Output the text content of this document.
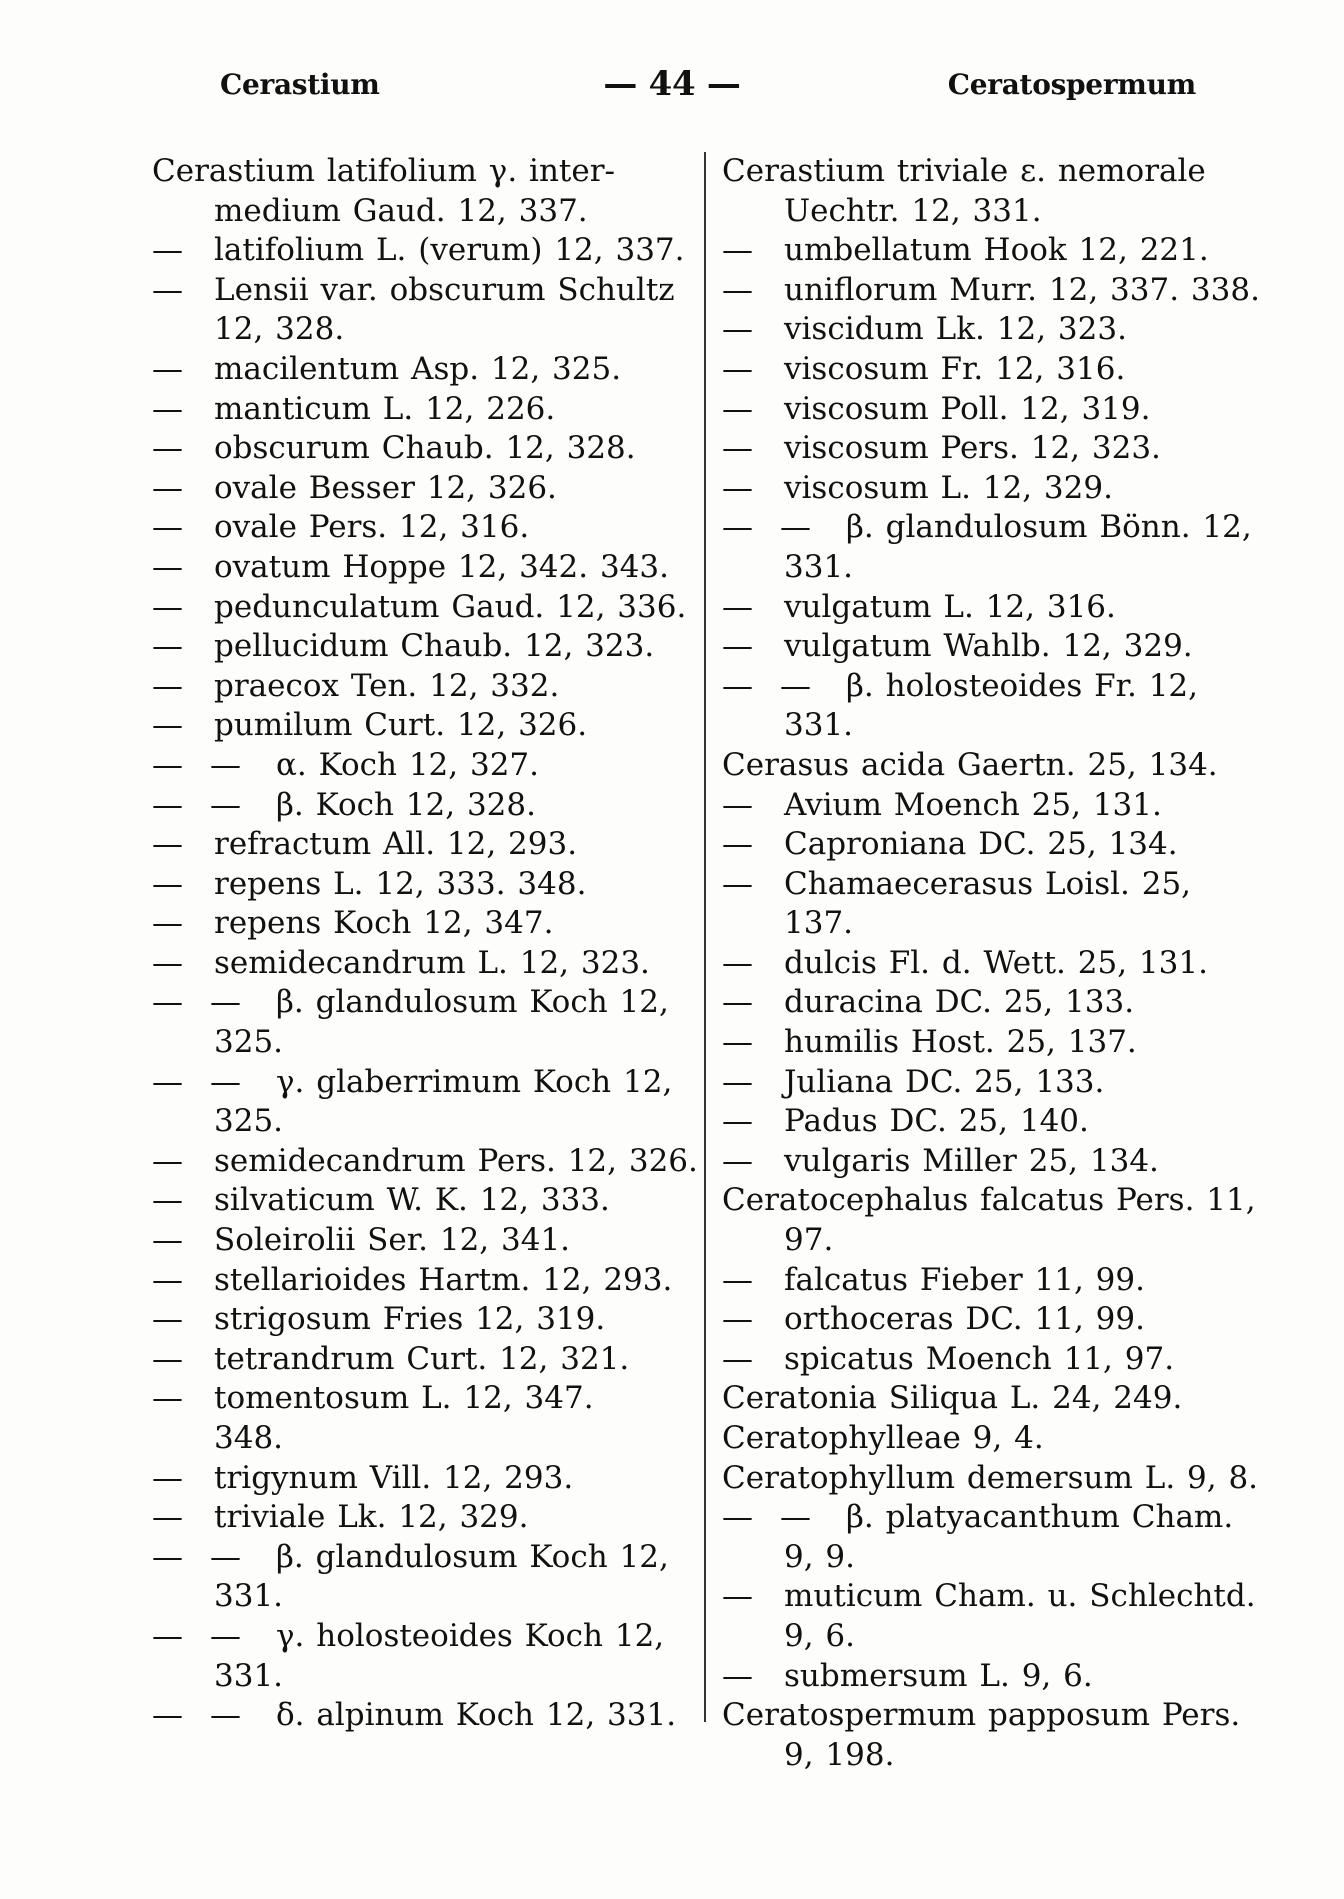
Cerastium	— 44 —	Ceratospermum
Cerastium latifolium γ. inter-
medium Gaud. 12, 337.
— latifolium L. (verum) 12, 337.
— Lensii var. obscurum Schultz
12, 328.
— macilentum Asp. 12, 325.
— manticum L. 12, 226.
— obscurum Chaub. 12, 328.
— ovale Besser 12, 326.
— ovale Pers. 12, 316.
— ovatum Hoppe 12, 342. 343.
— pedunculatum Gaud. 12, 336.
— pellucidum Chaub. 12, 323.
— praecox Ten. 12, 332.
— pumilum Curt. 12, 326.
— — α. Koch 12, 327.
— — β. Koch 12, 328.
— refractum All. 12, 293.
— repens L. 12, 333. 348.
— repens Koch 12, 347.
— semidecandrum L. 12, 323.
— — β. glandulosum Koch 12,
325.
— — γ. glaberrimum Koch 12,
325.
— semidecandrum Pers. 12, 326.
— silvaticum W. K. 12, 333.
— Soleirolii Ser. 12, 341.
— stellarioides Hartm. 12, 293.
— strigosum Fries 12, 319.
— tetrandrum Curt. 12, 321.
— tomentosum L. 12, 347.
348.
— trigynum Vill. 12, 293.
— triviale Lk. 12, 329.
— — β. glandulosum Koch 12,
331.
— — γ. holosteoides Koch 12,
331.
— — δ. alpinum Koch 12, 331.
Cerastium triviale ε. nemorale
Uechtr. 12, 331.
— umbellatum Hook 12, 221.
— uniflorum Murr. 12, 337. 338.
— viscidum Lk. 12, 323.
— viscosum Fr. 12, 316.
— viscosum Poll. 12, 319.
— viscosum Pers. 12, 323.
— viscosum L. 12, 329.
— — β. glandulosum Bönn. 12,
331.
— vulgatum L. 12, 316.
— vulgatum Wahlb. 12, 329.
— — β. holosteoides Fr. 12,
331.
Cerasus acida Gaertn. 25, 134.
— Avium Moench 25, 131.
— Caproniana DC. 25, 134.
— Chamaecerasus Loisl. 25, 137.
— dulcis Fl. d. Wett. 25, 131.
— duracina DC. 25, 133.
— humilis Host. 25, 137.
— Juliana DC. 25, 133.
— Padus DC. 25, 140.
— vulgaris Miller 25, 134.
Ceratocephalus falcatus Pers. 11,
97.
— falcatus Fieber 11, 99.
— orthoceras DC. 11, 99.
— spicatus Moench 11, 97.
Ceratonia Siliqua L. 24, 249.
Ceratophylleae 9, 4.
Ceratophyllum demersum L. 9, 8.
— — β. platyacanthum Cham.
9, 9.
— muticum Cham. u. Schlechtd.
9, 6.
— submersum L. 9, 6.
Ceratospermum papposum Pers.
9, 198.
